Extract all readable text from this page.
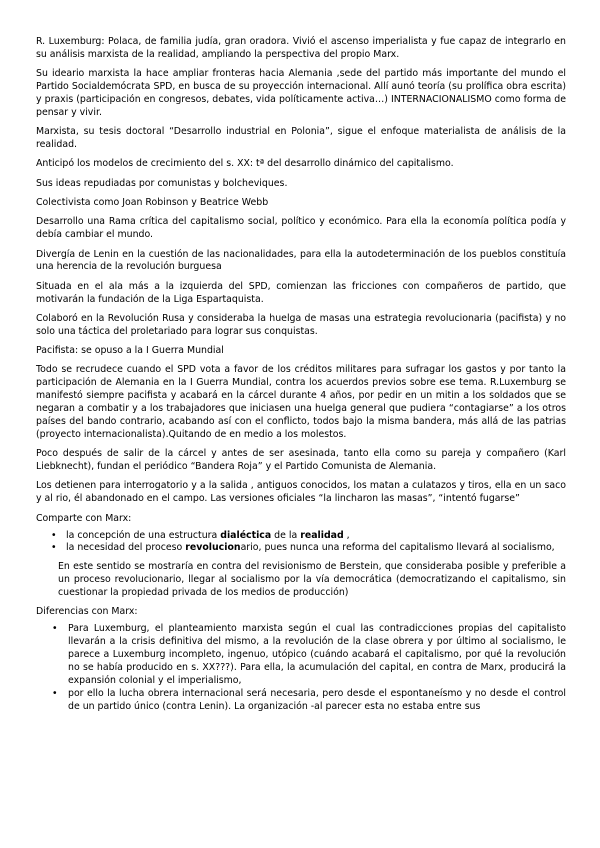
R. Luxemburg: Polaca, de familia judía, gran oradora. Vivió el ascenso imperialista y fue capaz de integrarlo en su análisis marxista de la realidad, ampliando la perspectiva del propio Marx.

Su ideario marxista la hace ampliar fronteras hacia Alemania ,sede del partido más importante del mundo el Partido Socialdemócrata SPD, en busca de su proyección internacional. Allí aunó teoría (su prolífica obra escrita) y praxis (participación en congresos, debates, vida políticamente activa…) INTERNACIONALISMO como forma de pensar y vivir.

Marxista, su tesis doctoral “Desarrollo industrial en Polonia”, sigue el enfoque materialista de análisis de la realidad.

Anticipó los modelos de crecimiento del s. XX: tª del desarrollo dinámico del capitalismo.

Sus ideas repudiadas por comunistas y bolcheviques.

Colectivista como Joan Robinson y Beatrice Webb

Desarrollo una Rama crítica del capitalismo social, político y económico. Para ella la economía política podía y debía cambiar el mundo.

Divergía de Lenin en la cuestión de las nacionalidades, para ella la autodeterminación de los pueblos constituía una herencia de la revolución burguesa

Situada en el ala más a la izquierda del SPD, comienzan las fricciones con compañeros de partido, que motivarán la fundación de la Liga Espartaquista.

Colaboró en la Revolución Rusa y consideraba la huelga de masas una estrategia revolucionaria (pacifista) y no solo una táctica del proletariado para lograr sus conquistas.

Pacifista: se opuso a la I Guerra Mundial

Todo se recrudece cuando el SPD vota a favor de los créditos militares para sufragar los gastos y por tanto la participación de Alemania en la I Guerra Mundial, contra los acuerdos previos sobre ese tema. R.Luxemburg se manifestó siempre pacifista y acabará en la cárcel durante 4 años, por pedir en un mitin a los soldados que se negaran a combatir y a los trabajadores que iniciasen una huelga general que pudiera “contagiarse” a los otros países del bando contrario, acabando así con el conflicto, todos bajo la misma bandera, más allá de las patrias (proyecto internacionalista).Quitando de en medio a los molestos.

Poco después de salir de la cárcel y antes de ser asesinada, tanto ella como su pareja y compañero (Karl Liebknecht), fundan el periódico “Bandera Roja” y el Partido Comunista de Alemania.

Los detienen para interrogatorio y a la salida , antiguos conocidos, los matan a culatazos y tiros, ella en un saco y al rio, él abandonado en el campo. Las versiones oficiales “la lincharon las masas”, “intentó fugarse”

Comparte con Marx:

•	la concepción de una estructura dialéctica de la realidad ,
•	la necesidad del proceso revolucionario, pues nunca una reforma del capitalismo llevará al socialismo,

En este sentido se mostraría en contra del revisionismo de Berstein, que consideraba posible y preferible a un proceso revolucionario, llegar al socialismo por la vía democrática (democratizando el capitalismo, sin cuestionar la propiedad privada de los medios de producción)

Diferencias con Marx:

•	Para Luxemburg, el planteamiento marxista según el cual las contradicciones propias del capitalisto llevarán a la crisis definitiva del mismo, a la revolución de la clase obrera y por último al socialismo, le parece a Luxemburg incompleto, ingenuo, utópico (cuándo acabará el capitalismo, por qué la revolución no se había producido en s. XX???). Para ella, la acumulación del capital, en contra de Marx, producirá la expansión colonial y el imperialismo,
•	por ello la lucha obrera internacional será necesaria, pero desde el espontaneísmo y no desde el control de un partido único (contra Lenin). La organización -al parecer esta no estaba entre sus
